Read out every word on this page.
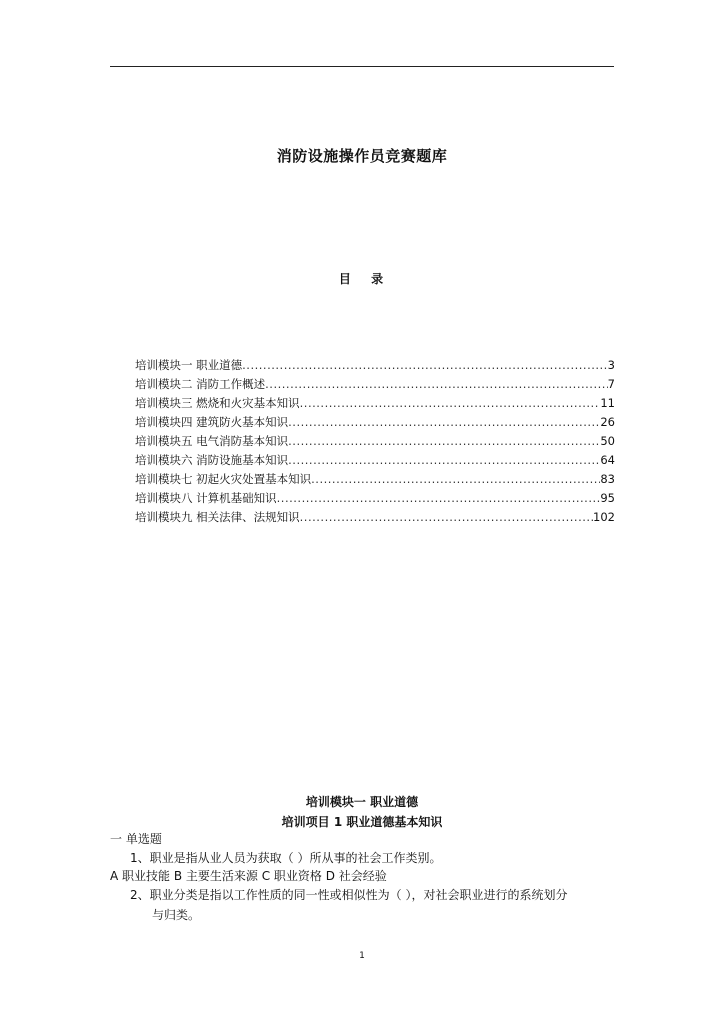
消防设施操作员竞赛题库
目 录
培训模块一 职业道德 .....	3
培训模块二 消防工作概述 .....	7
培训模块三 燃烧和火灾基本知识 .....	11
培训模块四 建筑防火基本知识 .....	26
培训模块五 电气消防基本知识 .....	50
培训模块六 消防设施基本知识 .....	64
培训模块七 初起火灾处置基本知识 .....	83
培训模块八 计算机基础知识 .....	95
培训模块九 相关法律、法规知识 .....	102
培训模块一 职业道德
培训项目 1 职业道德基本知识
一 单选题
1、职业是指从业人员为获取（ ）所从事的社会工作类别。
A 职业技能 B 主要生活来源 C 职业资格 D 社会经验
2、职业分类是指以工作性质的同一性或相似性为（ ），对社会职业进行的系统划分
与归类。
1
